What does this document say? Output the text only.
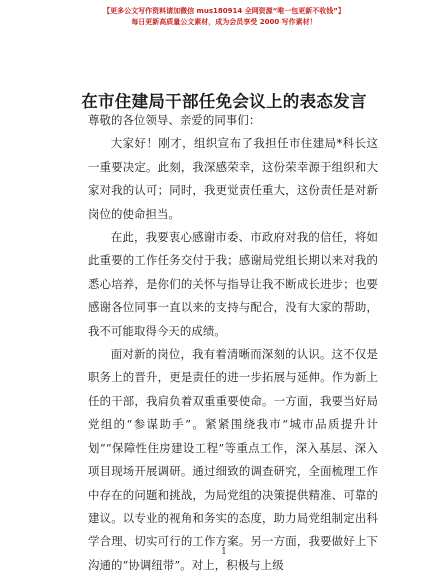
【更多公文写作资料请加微信 mus180914 全网资源“唯一包更新不收钱”】
每日更新高质量公文素材，成为会员享受 2000 写作素材！
在市住建局干部任免会议上的表态发言

尊敬的各位领导、亲爱的同事们：

大家好！刚才，组织宣布了我担任市住建局*科长这一重要决定。此刻，我深感荣幸，这份荣幸源于组织和大家对我的认可；同时，我更觉责任重大，这份责任是对新岗位的使命担当。

在此，我要衷心感谢市委、市政府对我的信任，将如此重要的工作任务交付于我；感谢局党组长期以来对我的悉心培养，是你们的关怀与指导让我不断成长进步；也要感谢各位同事一直以来的支持与配合，没有大家的帮助，我不可能取得今天的成绩。

面对新的岗位，我有着清晰而深刻的认识。这不仅是职务上的晋升，更是责任的进一步拓展与延伸。作为新上任的干部，我肩负着双重重要使命。一方面，我要当好局党组的“参谋助手”。紧紧围绕我市“城市品质提升计划”“保障性住房建设工程”等重点工作，深入基层、深入项目现场开展调研。通过细致的调查研究，全面梳理工作中存在的问题和挑战，为局党组的决策提供精准、可靠的建议。以专业的视角和务实的态度，助力局党组制定出科学合理、切实可行的工作方案。另一方面，我要做好上下沟通的“协调纽带”。对上，积极与上级

1
